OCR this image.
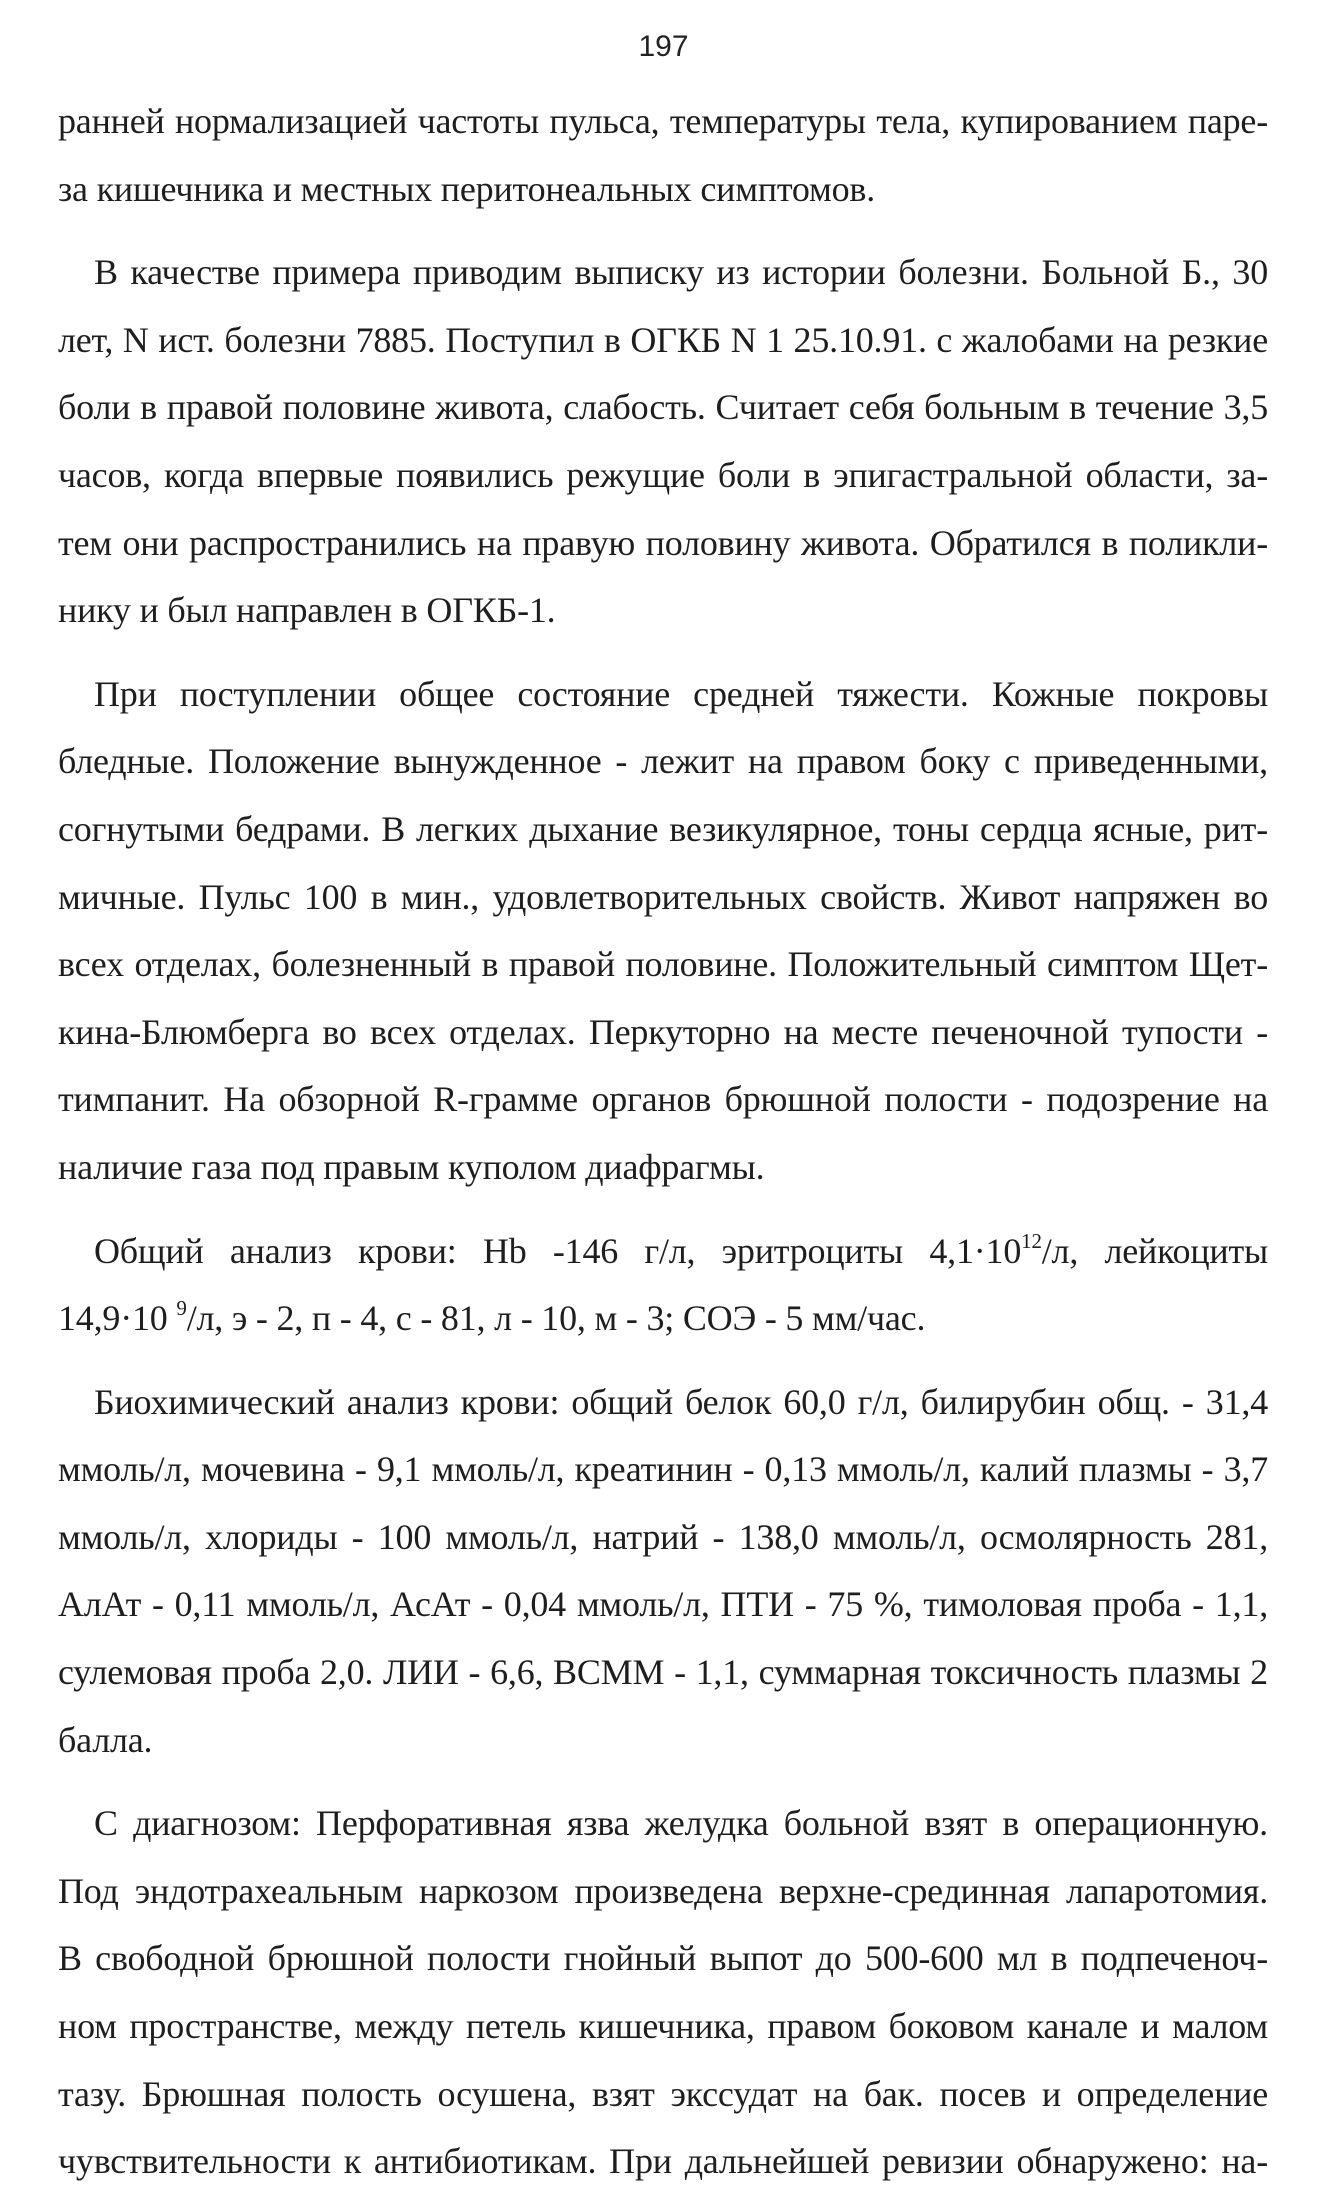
197
ранней нормализацией частоты пульса, температуры тела, купированием паре-
за кишечника и местных перитонеальных симптомов.
В качестве примера приводим выписку из истории болезни. Больной Б., 30
лет, N ист. болезни 7885. Поступил в ОГКБ N 1 25.10.91. с жалобами на резкие
боли в правой половине живота, слабость. Считает себя больным в течение 3,5
часов, когда впервые появились режущие боли в эпигастральной области, за-
тем они распространились на правую половину живота. Обратился в поликли-
нику и был направлен в ОГКБ-1.
При поступлении общее состояние средней тяжести. Кожные покровы
бледные. Положение вынужденное - лежит на правом боку с приведенными,
согнутыми бедрами. В легких дыхание везикулярное, тоны сердца ясные, рит-
мичные. Пульс 100 в мин., удовлетворительных свойств. Живот напряжен во
всех отделах, болезненный в правой половине. Положительный симптом Щет-
кина-Блюмберга во всех отделах. Перкуторно на месте печеночной тупости -
тимпанит. На обзорной R-грамме органов брюшной полости - подозрение на
наличие газа под правым куполом диафрагмы.
Общий анализ крови: Hb -146 г/л, эритроциты $4,1\cdot 10^{12}/л$, лейкоциты
14,9·10 $^9$/л, э - 2, п - 4, с - 81, л - 10, м - 3; СОЭ - 5 мм/час.
Биохимический анализ крови: общий белок 60,0 г/л, билирубин общ. - 31,4
ммоль/л, мочевина - 9,1 ммоль/л, креатинин - 0,13 ммоль/л, калий плазмы - 3,7
ммоль/л, хлориды - 100 ммоль/л, натрий - 138,0 ммоль/л, осмолярность 281,
АлАт - 0,11 ммоль/л, АсАт - 0,04 ммоль/л, ПТИ - 75 %, тимоловая проба - 1,1,
сулемовая проба 2,0. ЛИИ - 6,6, ВСММ - 1,1, суммарная токсичность плазмы 2
балла.
С диагнозом: Перфоративная язва желудка больной взят в операционную.
Под эндотрахеальным наркозом произведена верхне-срединная лапаротомия.
В свободной брюшной полости гнойный выпот до 500-600 мл в подпеченоч-
ном пространстве, между петель кишечника, правом боковом канале и малом
тазу. Брюшная полость осушена, взят экссудат на бак. посев и определение
чувствительности к антибиотикам. При дальнейшей ревизии обнаружено: на-
